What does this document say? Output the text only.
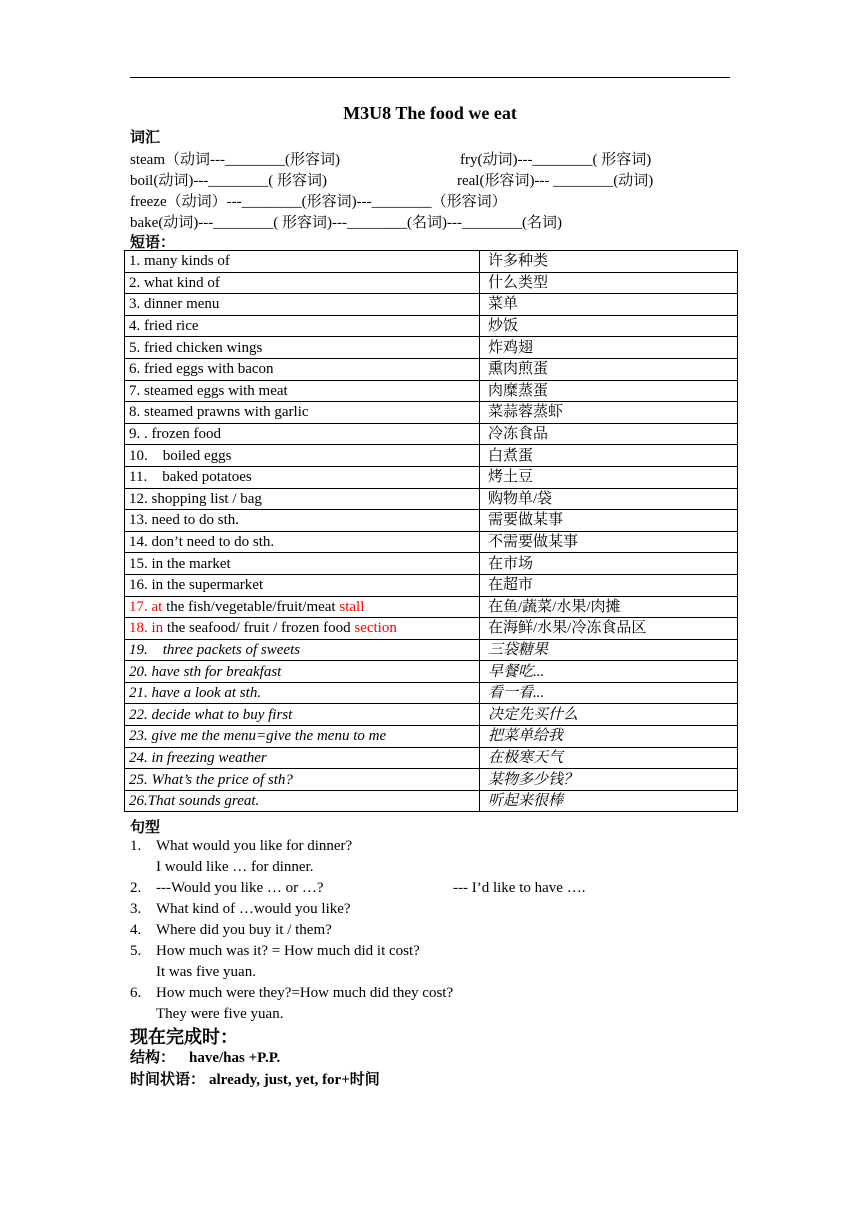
M3U8 The food we eat
词汇
steam（动词---________(形容词)	fry(动词)---________( 形容词)
boil(动词)---________( 形容词)	real(形容词)--- ________(动词)
freeze（动词）---________(形容词)---________（形容词）
bake(动词)---________( 形容词)---________(名词)---________(名词)
短语：
1. many kinds of	许多种类
2. what kind of	什么类型
3. dinner menu	菜单
4. fried rice	炒饭
5. fried chicken wings	炸鸡翅
6. fried eggs with bacon	熏肉煎蛋
7. steamed eggs with meat	肉糜蒸蛋
8. steamed prawns with garlic	菜蒜蓉蒸虾
9. . frozen food	冷冻食品
10.    boiled eggs	白煮蛋
11.    baked potatoes	烤土豆
12. shopping list / bag	购物单/袋
13. need to do sth.	需要做某事
14. don’t need to do sth.	不需要做某事
15. in the market	在市场
16. in the supermarket	在超市
17. at the fish/vegetable/fruit/meat stall	在鱼/蔬菜/水果/肉摊
18. in the seafood/ fruit / frozen food section	在海鲜/水果/冷冻食品区
19.    three packets of sweets	三袋糖果
20. have sth for breakfast	早餐吃...
21. have a look at sth.	看一看...
22. decide what to buy first	决定先买什么
23. give me the menu=give the menu to me	把菜单给我
24. in freezing weather	在极寒天气
25. What’s the price of sth?	某物多少钱？
26.That sounds great.	听起来很棒
句型
1. What would you like for dinner?
I would like … for dinner.
2. ---Would you like … or …?	--- I’d like to have ….
3. What kind of …would you like?
4. Where did you buy it / them?
5. How much was it? = How much did it cost?
It was five yuan.
6. How much were they?=How much did they cost?
They were five yuan.
现在完成时：
结构： have/has +P.P.
时间状语： already, just, yet, for+时间
